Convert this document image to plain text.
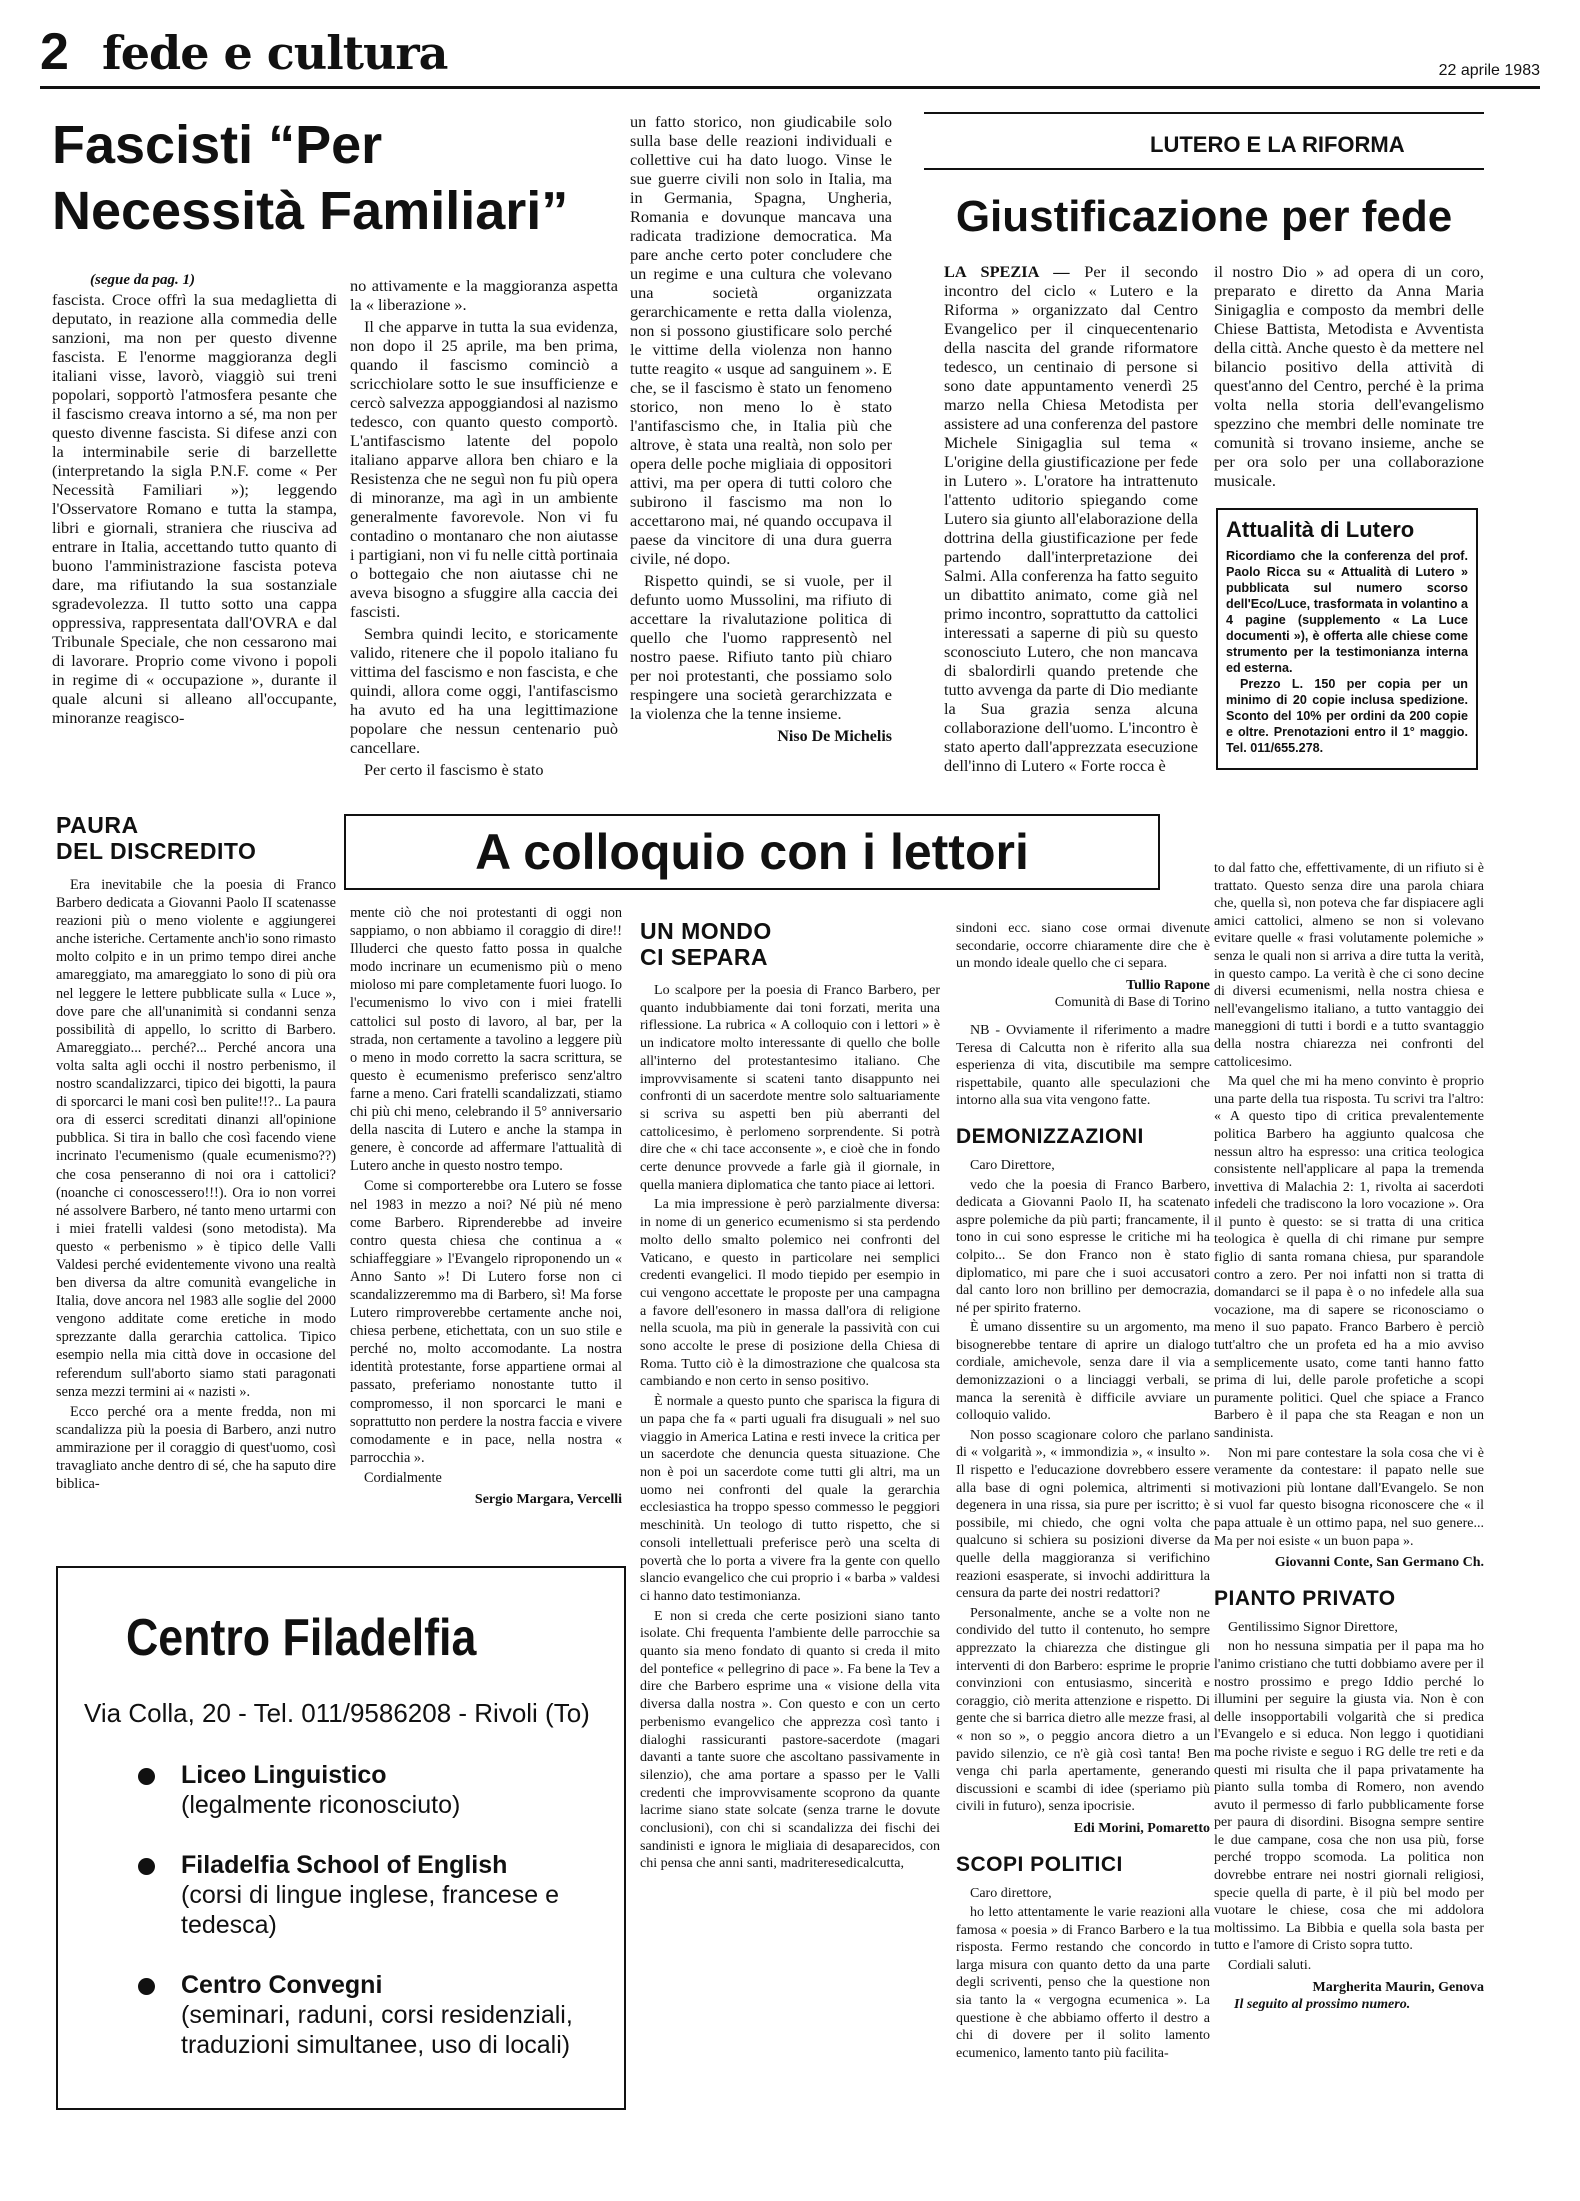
2 fede e cultura	22 aprile 1983
Fascisti “Per
Necessità Familiari”
(segue da pag. 1)

fascista. Croce offrì la sua medaglietta di deputato, in reazione alla commedia delle sanzioni, ma non per questo divenne fascista. E l'enorme maggioranza degli italiani visse, lavorò, viaggiò sui treni popolari, sopportò l'atmosfera pesante che il fascismo creava intorno a sé, ma non per questo divenne fascista. Si difese anzi con la interminabile serie di barzellette (interpretando la sigla P.N.F. come « Per Necessità Familiari »); leggendo l'Osservatore Romano e tutta la stampa, libri e giornali, straniera che riusciva ad entrare in Italia, accettando tutto quanto di buono l'amministrazione fascista poteva dare, ma rifiutando la sua sostanziale sgradevolezza. Il tutto sotto una cappa oppressiva, rappresentata dall'OVRA e dal Tribunale Speciale, che non cessarono mai di lavorare. Proprio come vivono i popoli in regime di « occupazione », durante il quale alcuni si alleano all'occupante, minoranze reagisco-

no attivamente e la maggioranza aspetta la « liberazione ».

Il che apparve in tutta la sua evidenza, non dopo il 25 aprile, ma ben prima, quando il fascismo cominciò a scricchiolare sotto le sue insufficienze e cercò salvezza appoggiandosi al nazismo tedesco, con quanto questo comportò. L'antifascismo latente del popolo italiano apparve allora ben chiaro e la Resistenza che ne seguì non fu più opera di minoranze, ma agì in un ambiente generalmente favorevole. Non vi fu contadino o montanaro che non aiutasse i partigiani, non vi fu nelle città portinaia o bottegaio che non aiutasse chi ne aveva bisogno a sfuggire alla caccia dei fascisti.

Sembra quindi lecito, e storicamente valido, ritenere che il popolo italiano fu vittima del fascismo e non fascista, e che quindi, allora come oggi, l'antifascismo ha avuto ed ha una legittimazione popolare che nessun centenario può cancellare.

Per certo il fascismo è stato

un fatto storico, non giudicabile solo sulla base delle reazioni individuali e collettive cui ha dato luogo. Vinse le sue guerre civili non solo in Italia, ma in Germania, Spagna, Ungheria, Romania e dovunque mancava una radicata tradizione democratica. Ma pare anche certo poter concludere che un regime e una cultura che volevano una società organizzata gerarchicamente e retta dalla violenza, non si possono giustificare solo perché le vittime della violenza non hanno tutte reagito « usque ad sanguinem ». E che, se il fascismo è stato un fenomeno storico, non meno lo è stato l'antifascismo che, in Italia più che altrove, è stata una realtà, non solo per opera delle poche migliaia di oppositori attivi, ma per opera di tutti coloro che subirono il fascismo ma non lo accettarono mai, né quando occupava il paese da vincitore di una dura guerra civile, né dopo.

Rispetto quindi, se si vuole, per il defunto uomo Mussolini, ma rifiuto di accettare la rivalutazione politica di quello che l'uomo rappresentò nel nostro paese. Rifiuto tanto più chiaro per noi protestanti, che possiamo solo respingere una società gerarchizzata e la violenza che la tenne insieme.

Niso De Michelis
LUTERO E LA RIFORMA
Giustificazione per fede

LA SPEZIA — Per il secondo incontro del ciclo « Lutero e la Riforma » organizzato dal Centro Evangelico per il cinquecentenario della nascita del grande riformatore tedesco, un centinaio di persone si sono date appuntamento venerdì 25 marzo nella Chiesa Metodista per assistere ad una conferenza del pastore Michele Sinigaglia sul tema « L'origine della giustificazione per fede in Lutero ». L'oratore ha intrattenuto l'attento uditorio spiegando come Lutero sia giunto all'elaborazione della dottrina della giustificazione per fede partendo dall'interpretazione dei Salmi. Alla conferenza ha fatto seguito un dibattito animato, come già nel primo incontro, soprattutto da cattolici interessati a saperne di più su questo sconosciuto Lutero, che non mancava di sbalordirli quando pretende che tutto avvenga da parte di Dio mediante la Sua grazia senza alcuna collaborazione dell'uomo. L'incontro è stato aperto dall'apprezzata esecuzione dell'inno di Lutero « Forte rocca è

il nostro Dio » ad opera di un coro, preparato e diretto da Anna Maria Sinigaglia e composto da membri delle Chiese Battista, Metodista e Avventista della città. Anche questo è da mettere nel bilancio positivo della attività di quest'anno del Centro, perché è la prima volta nella storia dell'evangelismo spezzino che membri delle nominate tre comunità si trovano insieme, anche se per ora solo per una collaborazione musicale.

Attualità di Lutero
Ricordiamo che la conferenza del prof. Paolo Ricca su « Attualità di Lutero » pubblicata sul numero scorso dell'Eco/Luce, trasformata in volantino a 4 pagine (supplemento « La Luce documenti »), è offerta alle chiese come strumento per la testimonianza interna ed esterna.
Prezzo L. 150 per copia per un minimo di 20 copie inclusa spedizione. Sconto del 10% per ordini da 200 copie e oltre. Prenotazioni entro il 1° maggio. Tel. 011/655.278.
A colloquio con i lettori
PAURA
DEL DISCREDITO

Era inevitabile che la poesia di Franco Barbero dedicata a Giovanni Paolo II scatenasse reazioni più o meno violente e aggiungerei anche isteriche. Certamente anch'io sono rimasto molto colpito e in un primo tempo direi anche amareggiato, ma amareggiato lo sono di più ora nel leggere le lettere pubblicate sulla « Luce », dove pare che all'unanimità si condanni senza possibilità di appello, lo scritto di Barbero. Amareggiato... perché?... Perché ancora una volta salta agli occhi il nostro perbenismo, il nostro scandalizzarci, tipico dei bigotti, la paura di sporcarci le mani così ben pulite!!?.. La paura ora di esserci screditati dinanzi all'opinione pubblica. Si tira in ballo che così facendo viene incrinato l'ecumenismo (quale ecumenismo??) che cosa penseranno di noi ora i cattolici? (noanche ci conoscessero!!!). Ora io non vorrei né assolvere Barbero, né tanto meno urtarmi con i miei fratelli valdesi (sono metodista). Ma questo « perbenismo » è tipico delle Valli Valdesi perché evidentemente vivono una realtà ben diversa da altre comunità evangeliche in Italia, dove ancora nel 1983 alle soglie del 2000 vengono additate come eretiche in modo sprezzante dalla gerarchia cattolica. Tipico esempio nella mia città dove in occasione del referendum sull'aborto siamo stati paragonati senza mezzi termini ai « nazisti ».

Ecco perché ora a mente fredda, non mi scandalizza più la poesia di Barbero, anzi nutro ammirazione per il coraggio di quest'uomo, così travagliato anche dentro di sé, che ha saputo dire biblica-

mente ciò che noi protestanti di oggi non sappiamo, o non abbiamo il coraggio di dire!! Illuderci che questo fatto possa in qualche modo incrinare un ecumenismo più o meno mioloso mi pare completamente fuori luogo. Io l'ecumenismo lo vivo con i miei fratelli cattolici sul posto di lavoro, al bar, per la strada, non certamente a tavolino a leggere più o meno in modo corretto la sacra scrittura, se questo è ecumenismo preferisco senz'altro farne a meno. Cari fratelli scandalizzati, stiamo chi più chi meno, celebrando il 5° anniversario della nascita di Lutero e anche la stampa in genere, è concorde ad affermare l'attualità di Lutero anche in questo nostro tempo.

Come si comporterebbe ora Lutero se fosse nel 1983 in mezzo a noi? Né più né meno come Barbero. Riprenderebbe ad inveire contro questa chiesa che continua a « schiaffeggiare » l'Evangelo riproponendo un « Anno Santo »! Di Lutero forse non ci scandalizzeremmo ma di Barbero, sì! Ma forse Lutero rimproverebbe certamente anche noi, chiesa perbene, etichettata, con un suo stile e perché no, molto accomodante. La nostra identità protestante, forse appartiene ormai al passato, preferiamo nonostante tutto il compromesso, il non sporcarci le mani e soprattutto non perdere la nostra faccia e vivere comodamente e in pace, nella nostra « parrocchia ».

Cordialmente

Sergio Margara, Vercelli
Centro Filadelfia
Via Colla, 20 - Tel. 011/9586208 - Rivoli (To)
Liceo Linguistico
(legalmente riconosciuto)
Filadelfia School of English
(corsi di lingue inglese, francese e tedesca)
Centro Convegni
(seminari, raduni, corsi residenziali, traduzioni simultanee, uso di locali)
UN MONDO
CI SEPARA

Lo scalpore per la poesia di Franco Barbero, per quanto indubbiamente dai toni forzati, merita una riflessione. La rubrica « A colloquio con i lettori » è un indicatore molto interessante di quello che bolle all'interno del protestantesimo italiano. Che improvvisamente si scateni tanto disappunto nei confronti di un sacerdote mentre solo saltuariamente si scriva su aspetti ben più aberranti del cattolicesimo, è perlomeno sorprendente. Si potrà dire che « chi tace acconsente », e cioè che in fondo certe denunce provvede a farle già il giornale, in quella maniera diplomatica che tanto piace ai lettori.

La mia impressione è però parzialmente diversa: in nome di un generico ecumenismo si sta perdendo molto dello smalto polemico nei confronti del Vaticano, e questo in particolare nei semplici credenti evangelici. Il modo tiepido per esempio in cui vengono accettate le proposte per una campagna a favore dell'esonero in massa dall'ora di religione nella scuola, ma più in generale la passività con cui sono accolte le prese di posizione della Chiesa di Roma. Tutto ciò è la dimostrazione che qualcosa sta cambiando e non certo in senso positivo.

È normale a questo punto che sparisca la figura di un papa che fa « parti uguali fra disuguali » nel suo viaggio in America Latina e resti invece la critica per un sacerdote che denuncia questa situazione. Che non è poi un sacerdote come tutti gli altri, ma un uomo nei confronti del quale la gerarchia ecclesiastica ha troppo spesso commesso le peggiori meschinità. Un teologo di tutto rispetto, che si consoli intellettuali preferisce però una scelta di povertà che lo porta a vivere fra la gente con quello slancio evangelico che cui proprio i « barba » valdesi ci hanno dato testimonianza.

E non si creda che certe posizioni siano tanto isolate. Chi frequenta l'ambiente delle parrocchie sa quanto sia meno fondato di quanto si creda il mito del pontefice « pellegrino di pace ». Fa bene la Tev a dire che Barbero esprime una « visione della vita diversa dalla nostra ». Con questo e con un certo perbenismo evangelico che apprezza così tanto i dialoghi rassicuranti pastore-sacerdote (magari davanti a tante suore che ascoltano passivamente in silenzio), che ama portare a spasso per le Valli credenti che improvvisamente scoprono da quante lacrime siano state solcate (senza trarne le dovute conclusioni), con chi si scandalizza dei fischi dei sandinisti e ignora le migliaia di desaparecidos, con chi pensa che anni santi, madriteresedicalcutta,

sindoni ecc. siano cose ormai divenute secondarie, occorre chiaramente dire che è un mondo ideale quello che ci separa.

Tullio Rapone
Comunità di Base di Torino

NB - Ovviamente il riferimento a madre Teresa di Calcutta non è riferito alla sua esperienza di vita, discutibile ma sempre rispettabile, quanto alle speculazioni che intorno alla sua vita vengono fatte.

DEMONIZZAZIONI

Caro Direttore,

vedo che la poesia di Franco Barbero, dedicata a Giovanni Paolo II, ha scatenato aspre polemiche da più parti; francamente, il tono in cui sono espresse le critiche mi ha colpito... Se don Franco non è stato diplomatico, mi pare che i suoi accusatori dal canto loro non brillino per democrazia, né per spirito fraterno.

È umano dissentire su un argomento, ma bisognerebbe tentare di aprire un dialogo cordiale, amichevole, senza dare il via a demonizzazioni o a linciaggi verbali, se manca la serenità è difficile avviare un colloquio valido.

Non posso scagionare coloro che parlano di « volgarità », « immondizia », « insulto ». Il rispetto e l'educazione dovrebbero essere alla base di ogni polemica, altrimenti si degenera in una rissa, sia pure per iscritto; è possibile, mi chiedo, che ogni volta che qualcuno si schiera su posizioni diverse da quelle della maggioranza si verifichino reazioni esasperate, si invochi addirittura la censura da parte dei nostri redattori?

Personalmente, anche se a volte non ne condivido del tutto il contenuto, ho sempre apprezzato la chiarezza che distingue gli interventi di don Barbero: esprime le proprie convinzioni con entusiasmo, sincerità e coraggio, ciò merita attenzione e rispetto. Di gente che si barrica dietro alle mezze frasi, al « non so », o peggio ancora dietro a un pavido silenzio, ce n'è già così tanta! Ben venga chi parla apertamente, generando discussioni e scambi di idee (speriamo più civili in futuro), senza ipocrisie.

Edi Morini, Pomaretto
SCOPI POLITICI

Caro direttore,

ho letto attentamente le varie reazioni alla famosa « poesia » di Franco Barbero e la tua risposta. Fermo restando che concordo in larga misura con quanto detto da una parte degli scriventi, penso che la questione non sia tanto la « vergogna ecumenica ». La questione è che abbiamo offerto il destro a chi di dovere per il solito lamento ecumenico, lamento tanto più facilita-

to dal fatto che, effettivamente, di un rifiuto si è trattato. Questo senza dire una parola chiara che, quella sì, non poteva che far dispiacere agli amici cattolici, almeno se non si volevano evitare quelle « frasi volutamente polemiche » senza le quali non si arriva a dire tutta la verità, in questo campo. La verità è che ci sono decine di diversi ecumenismi, nella nostra chiesa e nell'evangelismo italiano, a tutto vantaggio dei maneggioni di tutti i bordi e a tutto svantaggio della nostra chiarezza nei confronti del cattolicesimo.

Ma quel che mi ha meno convinto è proprio una parte della tua risposta. Tu scrivi tra l'altro: « A questo tipo di critica prevalentemente politica Barbero ha aggiunto qualcosa che nessun altro ha espresso: una critica teologica consistente nell'applicare al papa la tremenda invettiva di Malachia 2: 1, rivolta ai sacerdoti infedeli che tradiscono la loro vocazione ». Ora il punto è questo: se si tratta di una critica teologica è quella di chi rimane pur sempre figlio di santa romana chiesa, pur sparandole contro a zero. Per noi infatti non si tratta di domandarci se il papa è o no infedele alla sua vocazione, ma di sapere se riconosciamo o meno il suo papato. Franco Barbero è perciò tutt'altro che un profeta ed ha a mio avviso semplicemente usato, come tanti hanno fatto prima di lui, delle parole profetiche a scopi puramente politici. Quel che spiace a Franco Barbero è il papa che sta Reagan e non un sandinista.

Non mi pare contestare la sola cosa che vi è veramente da contestare: il papato nelle sue motivazioni più lontane dall'Evangelo. Se non si vuol far questo bisogna riconoscere che « il papa attuale è un ottimo papa, nel suo genere... Ma per noi esiste « un buon papa ».

Giovanni Conte, San Germano Ch.
PIANTO PRIVATO

Gentilissimo Signor Direttore,

non ho nessuna simpatia per il papa ma ho l'animo cristiano che tutti dobbiamo avere per il nostro prossimo e prego Iddio perché lo illumini per seguire la giusta via. Non è con delle insopportabili volgarità che si predica l'Evangelo e si educa. Non leggo i quotidiani ma poche riviste e seguo i RG delle tre reti e da questi mi risulta che il papa privatamente ha pianto sulla tomba di Romero, non avendo avuto il permesso di farlo pubblicamente forse per paura di disordini. Bisogna sempre sentire le due campane, cosa che non usa più, forse perché troppo scomoda. La politica non dovrebbe entrare nei nostri giornali religiosi, specie quella di parte, è il più bel modo per vuotare le chiese, cosa che mi addolora moltissimo. La Bibbia e quella sola basta per tutto e l'amore di Cristo sopra tutto.

Cordiali saluti.

Margherita Maurin, Genova
Il seguito al prossimo numero.
